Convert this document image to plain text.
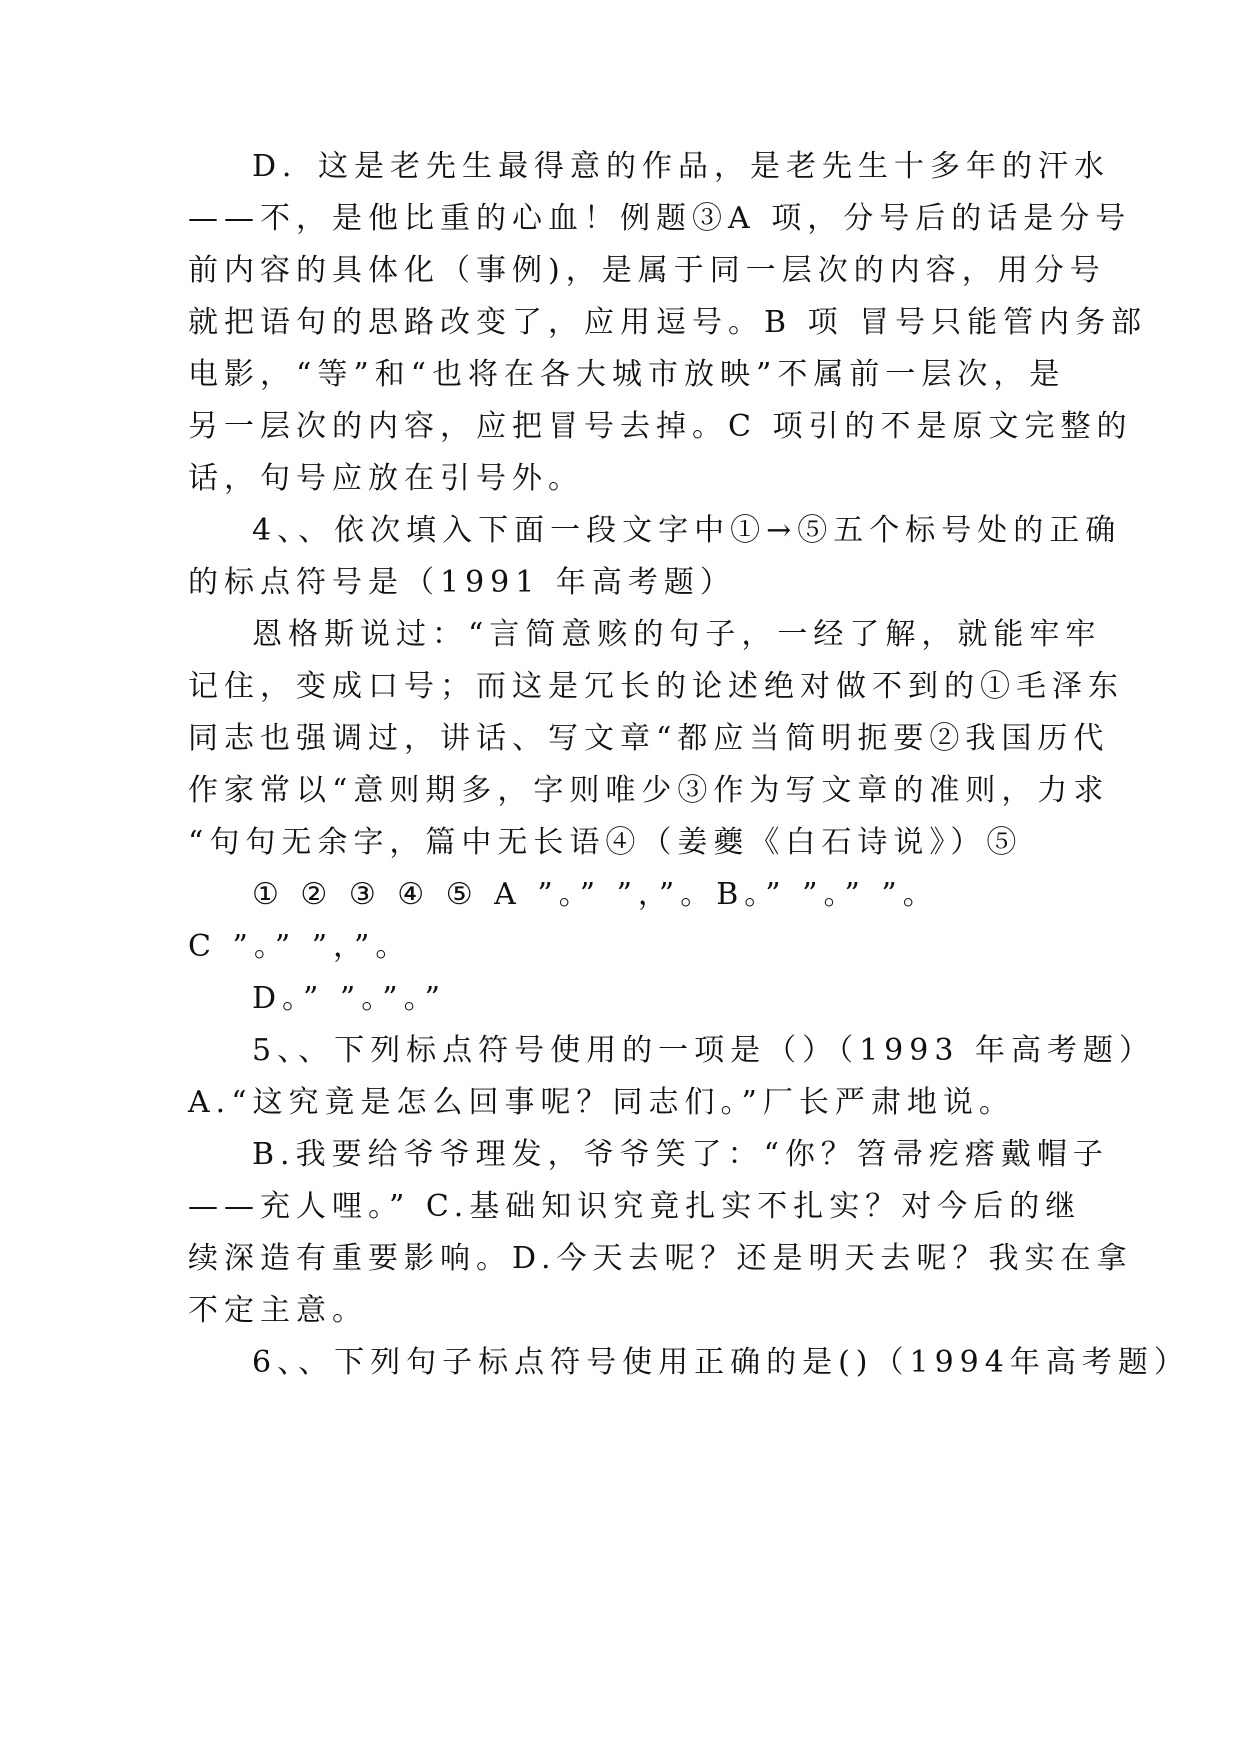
D．这是老先生最得意的作品，是老先生十多年的汗水
——不，是他比重的心血！例题③A 项，分号后的话是分号
前内容的具体化（事例)，是属于同一层次的内容，用分号
就把语句的思路改变了，应用逗号。B 项 冒号只能管内务部
电影，“等”和“也将在各大城市放映”不属前一层次，是
另一层次的内容，应把冒号去掉。C 项引的不是原文完整的
话，句号应放在引号外。
4、、依次填入下面一段文字中①→⑤五个标号处的正确
的标点符号是（1991 年高考题）
恩格斯说过：“言简意赅的句子，一经了解，就能牢牢
记住，变成口号；而这是冗长的论述绝对做不到的①毛泽东
同志也强调过，讲话、写文章“都应当简明扼要②我国历代
作家常以“意则期多，字则唯少③作为写文章的准则，力求
“句句无余字，篇中无长语④（姜夔《白石诗说》）⑤
① ② ③ ④ ⑤ A ”。” ”，”。B。” ”。” ”。
C ”。” ”，”。
D。” ”。”。”
5、、下列标点符号使用的一项是（）（1993 年高考题）
A.“这究竟是怎么回事呢？同志们。”厂长严肃地说。
B.我要给爷爷理发，爷爷笑了：“你？笤帚疙瘩戴帽子
——充人哩。” C.基础知识究竟扎实不扎实？对今后的继
续深造有重要影响。D.今天去呢？还是明天去呢？我实在拿
不定主意。
6、、下列句子标点符号使用正确的是()（1994年高考题）
